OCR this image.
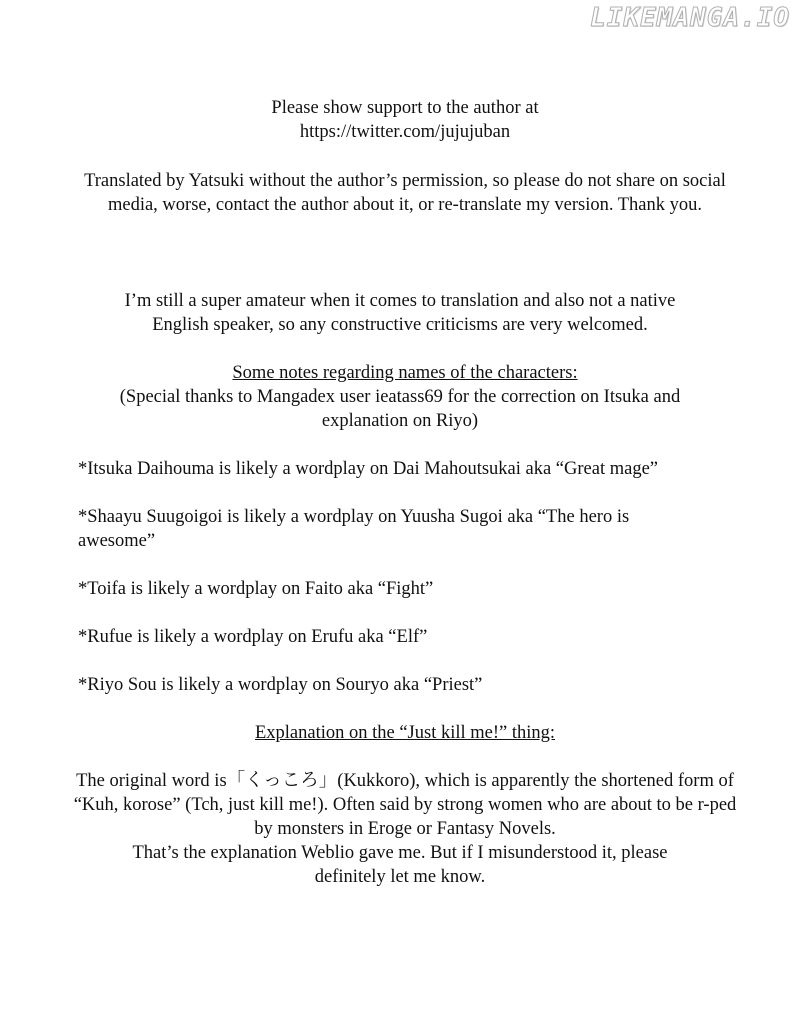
LIKEMANGA.IO

Please show support to the author at

https://twitter.com/jujujuban

Translated by Yatsuki without the author’s permission, so please do not share on social media, worse, contact the author about it, or re-translate my version. Thank you.

I’m still a super amateur when it comes to translation and also not a native English speaker, so any constructive criticisms are very welcomed.

Some notes regarding names of the characters:

(Special thanks to Mangadex user ieatass69 for the correction on Itsuka and explanation on Riyo)

*Itsuka Daihouma is likely a wordplay on Dai Mahoutsukai aka “Great mage”

*Shaayu Suugoigoi is likely a wordplay on Yuusha Sugoi aka “The hero is awesome”

*Toifa is likely a wordplay on Faito aka “Fight”

*Rufue is likely a wordplay on Erufu aka “Elf”

*Riyo Sou is likely a wordplay on Souryo aka “Priest”

Explanation on the “Just kill me!” thing:

The original word is「くっころ」(Kukkoro), which is apparently the shortened form of “Kuh, korose” (Tch, just kill me!). Often said by strong women who are about to be r-ped by monsters in Eroge or Fantasy Novels.

That’s the explanation Weblio gave me. But if I misunderstood it, please definitely let me know.
